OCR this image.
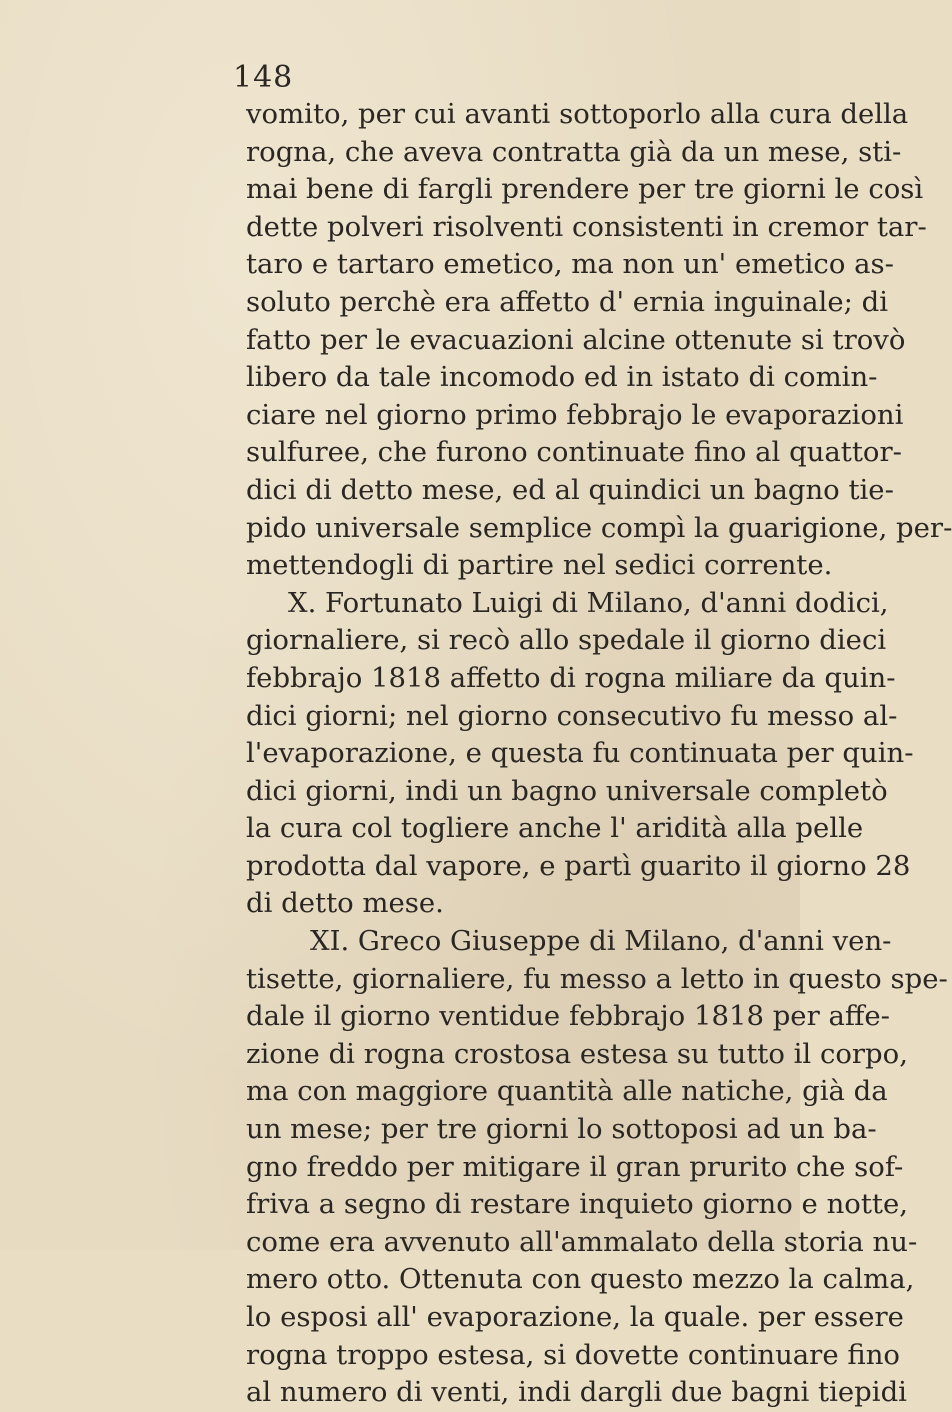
148
vomito, per cui avanti sottoporlo alla cura della
rogna, che aveva contratta già da un mese, sti-
mai bene di fargli prendere per tre giorni le così
dette polveri risolventi consistenti in cremor tar-
taro e tartaro emetico, ma non un' emetico as-
soluto perchè era affetto d' ernia inguinale; di
fatto per le evacuazioni alcine ottenute si trovò
libero da tale incomodo ed in istato di comin-
ciare nel giorno primo febbrajo le evaporazioni
sulfuree, che furono continuate fino al quattor-
dici di detto mese, ed al quindici un bagno tie-
pido universale semplice compì la guarigione, per-
mettendogli di partire nel sedici corrente.
X. Fortunato Luigi di Milano, d'anni dodici,
giornaliere, si recò allo spedale il giorno dieci
febbrajo 1818 affetto di rogna miliare da quin-
dici giorni; nel giorno consecutivo fu messo al-
l'evaporazione, e questa fu continuata per quin-
dici giorni, indi un bagno universale completò
la cura col togliere anche l' aridità alla pelle
prodotta dal vapore, e partì guarito il giorno 28
di detto mese.
XI. Greco Giuseppe di Milano, d'anni ven-
tisette, giornaliere, fu messo a letto in questo spe-
dale il giorno ventidue febbrajo 1818 per affe-
zione di rogna crostosa estesa su tutto il corpo,
ma con maggiore quantità alle natiche, già da
un mese; per tre giorni lo sottoposi ad un ba-
gno freddo per mitigare il gran prurito che sof-
friva a segno di restare inquieto giorno e notte,
come era avvenuto all'ammalato della storia nu-
mero otto. Ottenuta con questo mezzo la calma,
lo esposi all' evaporazione, la quale. per essere
rogna troppo estesa, si dovette continuare fino
al numero di venti, indi dargli due bagni tiepidi
